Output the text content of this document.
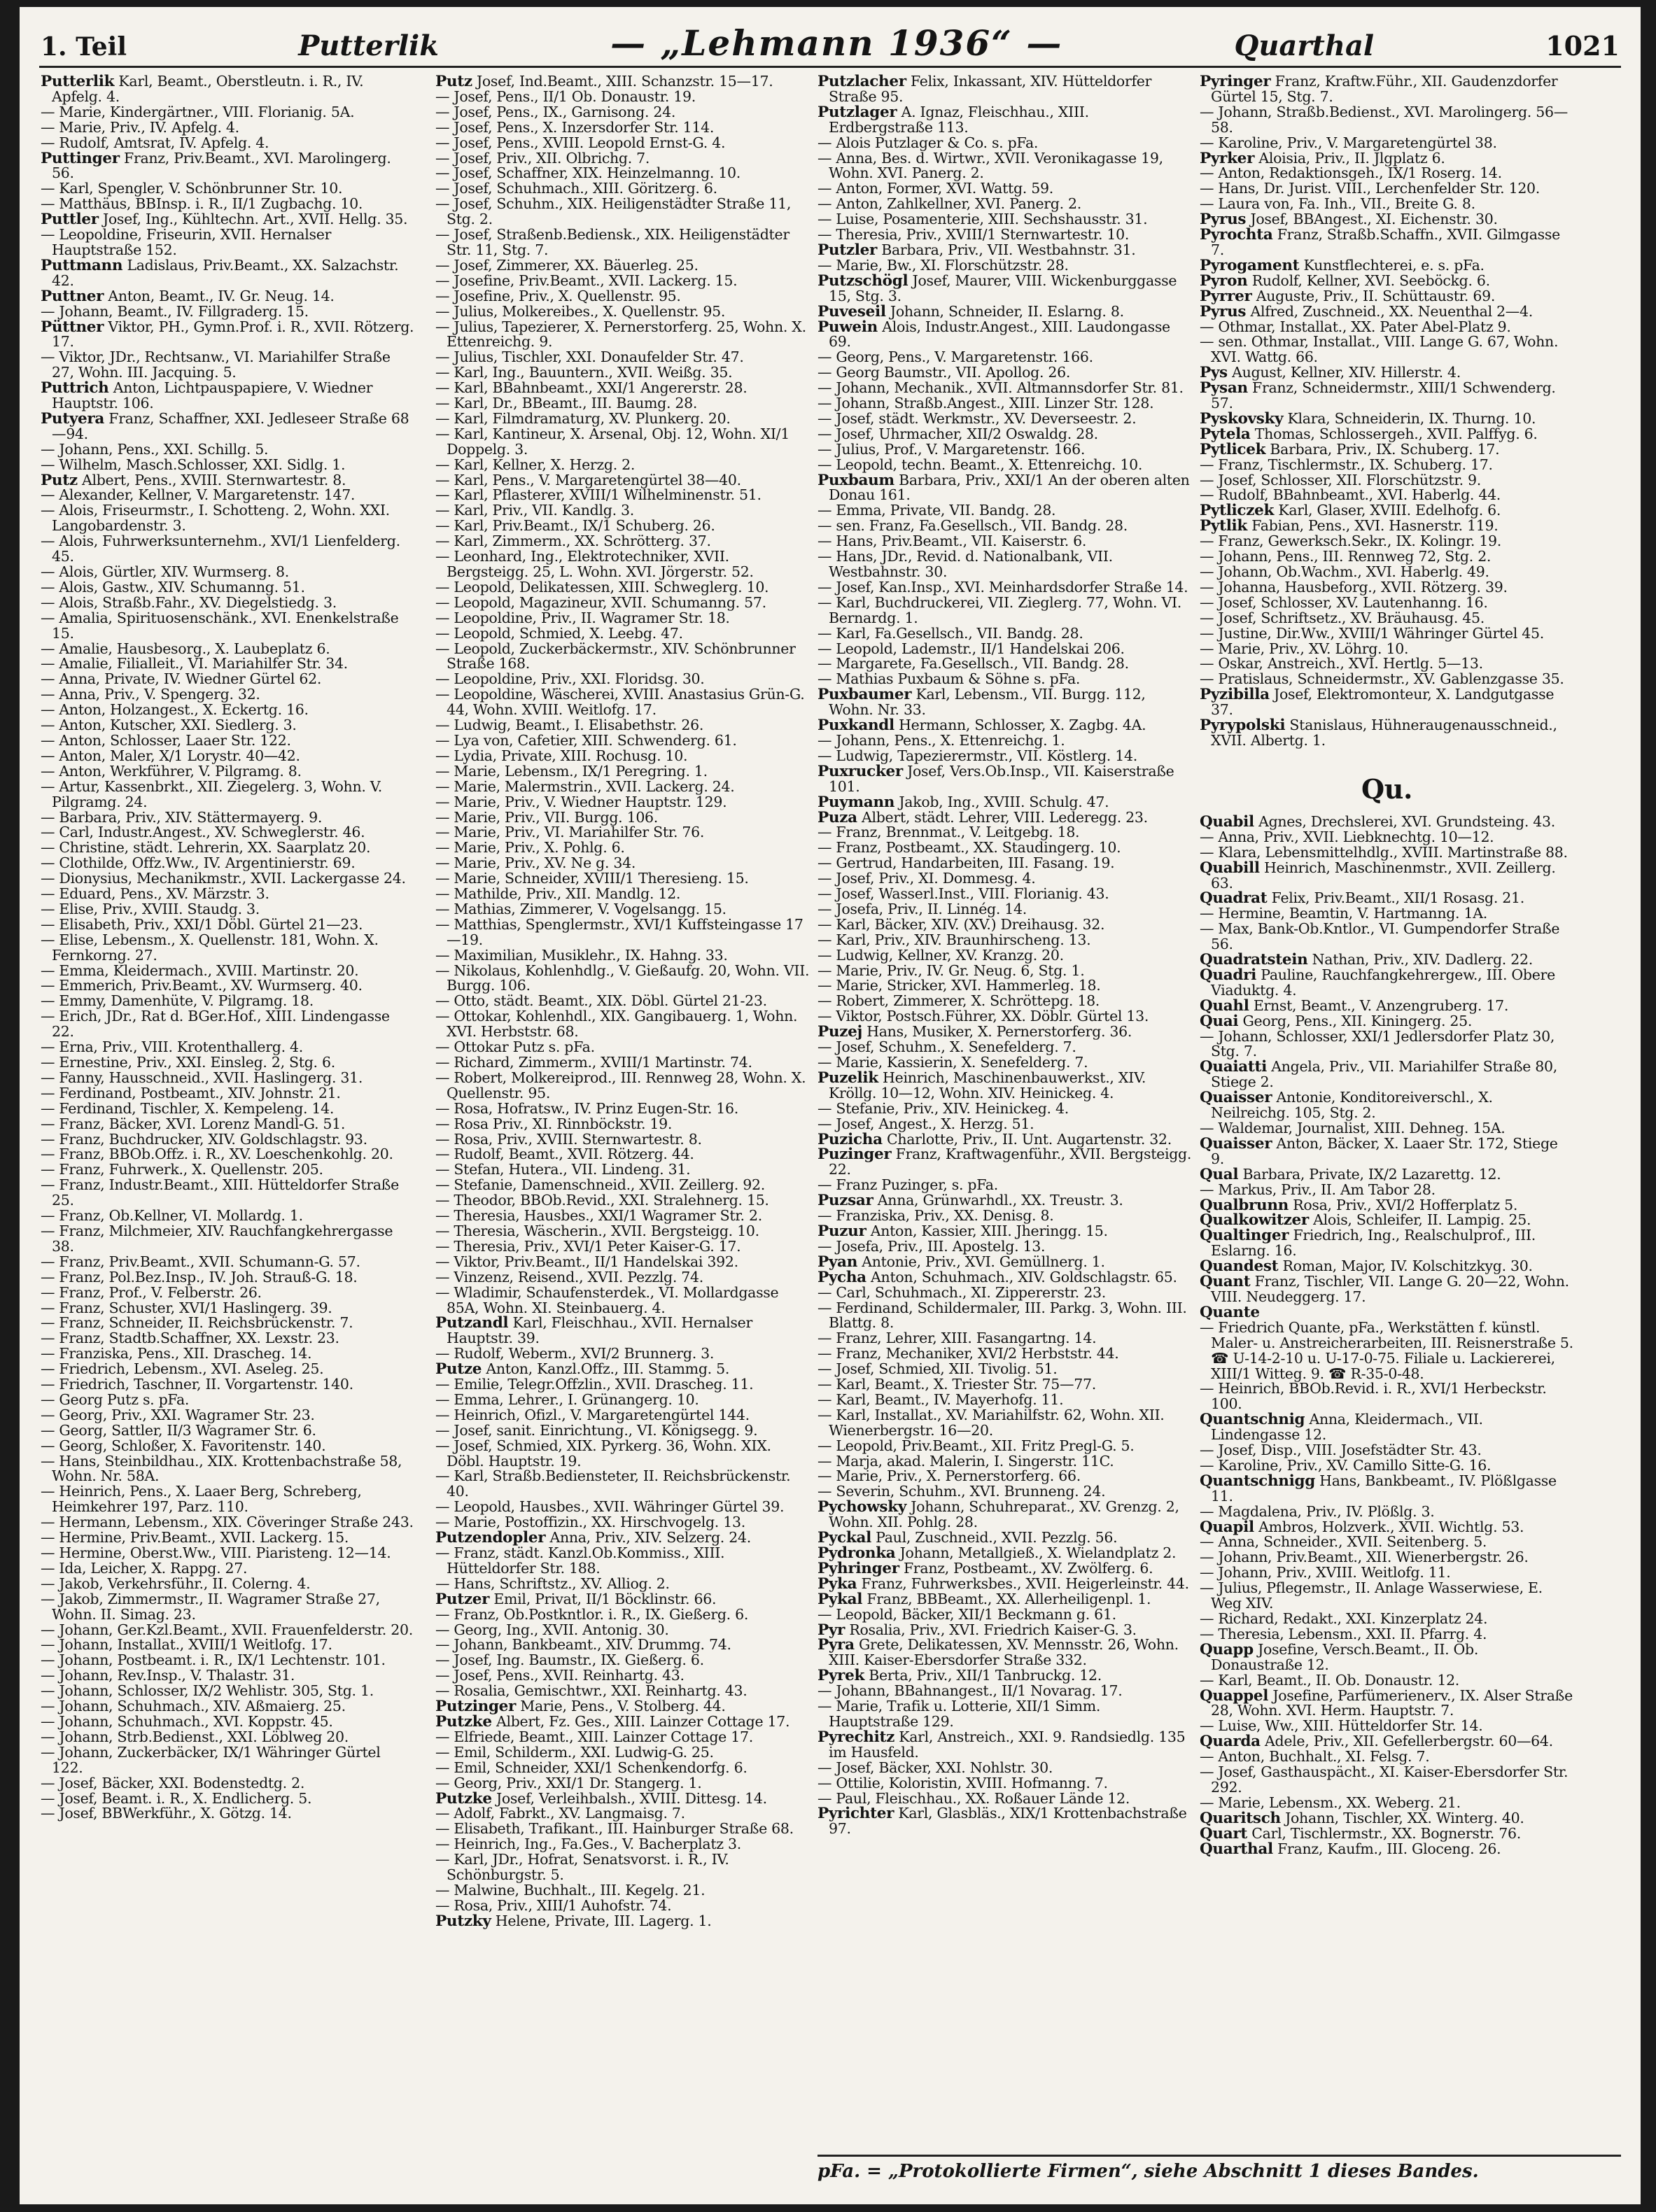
1. Teil	Putterlik	— „Lehmann 1936“ —	Quarthal	1021

Putterlik Karl, Beamt., Oberstleutn. i. R., IV. Apfelg. 4.

— Marie, Kindergärtner., VIII. Florianig. 5A.

— Marie, Priv., IV. Apfelg. 4.

— Rudolf, Amtsrat, IV. Apfelg. 4.

Puttinger Franz, Priv.Beamt., XVI. Marolingerg. 56.

— Karl, Spengler, V. Schönbrunner Str. 10.

— Matthäus, BBInsp. i. R., II/1 Zugbachg. 10.

Puttler Josef, Ing., Kühltechn. Art., XVII. Hellg. 35.

— Leopoldine, Friseurin, XVII. Hernalser Hauptstraße 152.

Puttmann Ladislaus, Priv.Beamt., XX. Salzachstr. 42.

Puttner Anton, Beamt., IV. Gr. Neug. 14.

— Johann, Beamt., IV. Fillgraderg. 15.

Püttner Viktor, PH., Gymn.Prof. i. R., XVII. Rötzerg. 17.

— Viktor, JDr., Rechtsanw., VI. Mariahilfer Straße 27, Wohn. III. Jacquing. 5.

Puttrich Anton, Lichtpauspapiere, V. Wiedner Hauptstr. 106.

Putyera Franz, Schaffner, XXI. Jedleseer Straße 68—94.

— Johann, Pens., XXI. Schillg. 5.

— Wilhelm, Masch.Schlosser, XXI. Sidlg. 1.

Putz Albert, Pens., XVIII. Sternwartestr. 8.

— Alexander, Kellner, V. Margaretenstr. 147.

— Alois, Friseurmstr., I. Schotteng. 2, Wohn. XXI. Langobardenstr. 3.

— Alois, Fuhrwerksunternehm., XVI/1 Lienfelderg. 45.

— Alois, Gürtler, XIV. Wurmserg. 8.

— Alois, Gastw., XIV. Schumanng. 51.

— Alois, Straßb.Fahr., XV. Diegelstiedg. 3.

— Amalia, Spirituosenschänk., XVI. Enenkelstraße 15.

— Amalie, Hausbesorg., X. Laubeplatz 6.

— Amalie, Filialleit., VI. Mariahilfer Str. 34.

— Anna, Private, IV. Wiedner Gürtel 62.

— Anna, Priv., V. Spengerg. 32.

— Anton, Holzangest., X. Eckertg. 16.

— Anton, Kutscher, XXI. Siedlerg. 3.

— Anton, Schlosser, Laaer Str. 122.

— Anton, Maler, X/1 Lorystr. 40—42.

— Anton, Werkführer, V. Pilgramg. 8.

— Artur, Kassenbrkt., XII. Ziegelerg. 3, Wohn. V. Pilgramg. 24.

— Barbara, Priv., XIV. Stättermayerg. 9.

— Carl, Industr.Angest., XV. Schweglerstr. 46.

— Christine, städt. Lehrerin, XX. Saarplatz 20.

— Clothilde, Offz.Ww., IV. Argentinierstr. 69.

— Dionysius, Mechanikmstr., XVII. Lackergasse 24.

— Eduard, Pens., XV. Märzstr. 3.

— Elise, Priv., XVIII. Staudg. 3.

— Elisabeth, Priv., XXI/1 Döbl. Gürtel 21—23.

— Elise, Lebensm., X. Quellenstr. 181, Wohn. X. Fernkorng. 27.

— Emma, Kleidermach., XVIII. Martinstr. 20.

— Emmerich, Priv.Beamt., XV. Wurmserg. 40.

— Emmy, Damenhüte, V. Pilgramg. 18.

— Erich, JDr., Rat d. BGer.Hof., XIII. Lindengasse 22.

— Erna, Priv., VIII. Krotenthallerg. 4.

— Ernestine, Priv., XXI. Einsleg. 2, Stg. 6.

— Fanny, Hausschneid., XVII. Haslingerg. 31.

— Ferdinand, Postbeamt., XIV. Johnstr. 21.

— Ferdinand, Tischler, X. Kempeleng. 14.

— Franz, Bäcker, XVI. Lorenz Mandl-G. 51.

— Franz, Buchdrucker, XIV. Goldschlagstr. 93.

— Franz, BBOb.Offz. i. R., XV. Loeschenkohlg. 20.

— Franz, Fuhrwerk., X. Quellenstr. 205.

— Franz, Industr.Beamt., XIII. Hütteldorfer Straße 25.

— Franz, Ob.Kellner, VI. Mollardg. 1.

— Franz, Milchmeier, XIV. Rauchfangkehrergasse 38.

— Franz, Priv.Beamt., XVII. Schumann-G. 57.

— Franz, Pol.Bez.Insp., IV. Joh. Strauß-G. 18.

— Franz, Prof., V. Felberstr. 26.

— Franz, Schuster, XVI/1 Haslingerg. 39.

— Franz, Schneider, II. Reichsbrückenstr. 7.

— Franz, Stadtb.Schaffner, XX. Lexstr. 23.

— Franziska, Pens., XII. Drascheg. 14.

— Friedrich, Lebensm., XVI. Aseleg. 25.

— Friedrich, Taschner, II. Vorgartenstr. 140.

— Georg Putz s. pFa.

— Georg, Priv., XXI. Wagramer Str. 23.

— Georg, Sattler, II/3 Wagramer Str. 6.

— Georg, Schloßer, X. Favoritenstr. 140.

— Hans, Steinbildhau., XIX. Krottenbachstraße 58, Wohn. Nr. 58A.

— Heinrich, Pens., X. Laaer Berg, Schreberg, Heimkehrer 197, Parz. 110.

— Hermann, Lebensm., XIX. Cöveringer Straße 243.

— Hermine, Priv.Beamt., XVII. Lackerg. 15.

— Hermine, Oberst.Ww., VIII. Piaristeng. 12—14.

— Ida, Leicher, X. Rappg. 27.

— Jakob, Verkehrsführ., II. Colerng. 4.

— Jakob, Zimmermstr., II. Wagramer Straße 27, Wohn. II. Simag. 23.

— Johann, Ger.Kzl.Beamt., XVII. Frauenfelderstr. 20.

— Johann, Installat., XVIII/1 Weitlofg. 17.

— Johann, Postbeamt. i. R., IX/1 Lechtenstr. 101.

— Johann, Rev.Insp., V. Thalastr. 31.

— Johann, Schlosser, IX/2 Wehlistr. 305, Stg. 1.

— Johann, Schuhmach., XIV. Aßmaierg. 25.

— Johann, Schuhmach., XVI. Koppstr. 45.

— Johann, Strb.Bedienst., XXI. Löblweg 20.

— Johann, Zuckerbäcker, IX/1 Währinger Gürtel 122.

— Josef, Bäcker, XXI. Bodenstedtg. 2.

— Josef, Beamt. i. R., X. Endlicherg. 5.

— Josef, BBWerkführ., X. Götzg. 14.

Putz Josef, Ind.Beamt., XIII. Schanzstr. 15—17.

— Josef, Pens., II/1 Ob. Donaustr. 19.

— Josef, Pens., IX., Garnisong. 24.

— Josef, Pens., X. Inzersdorfer Str. 114.

— Josef, Pens., XVIII. Leopold Ernst-G. 4.

— Josef, Priv., XII. Olbrichg. 7.

— Josef, Schaffner, XIX. Heinzelmanng. 10.

— Josef, Schuhmach., XIII. Göritzerg. 6.

— Josef, Schuhm., XIX. Heiligenstädter Straße 11, Stg. 2.

— Josef, Straßenb.Bediensk., XIX. Heiligenstädter Str. 11, Stg. 7.

— Josef, Zimmerer, XX. Bäuerleg. 25.

— Josefine, Priv.Beamt., XVII. Lackerg. 15.

— Josefine, Priv., X. Quellenstr. 95.

— Julius, Molkereibes., X. Quellenstr. 95.

— Julius, Tapezierer, X. Pernerstorferg. 25, Wohn. X. Ettenreichg. 9.

— Julius, Tischler, XXI. Donaufelder Str. 47.

— Karl, Ing., Bauuntern., XVII. Weißg. 35.

— Karl, BBahnbeamt., XXI/1 Angererstr. 28.

— Karl, Dr., BBeamt., III. Baumg. 28.

— Karl, Filmdramaturg, XV. Plunkerg. 20.

— Karl, Kantineur, X. Arsenal, Obj. 12, Wohn. XI/1 Doppelg. 3.

— Karl, Kellner, X. Herzg. 2.

— Karl, Pens., V. Margaretengürtel 38—40.

— Karl, Pflasterer, XVIII/1 Wilhelminenstr. 51.

— Karl, Priv., VII. Kandlg. 3.

— Karl, Priv.Beamt., IX/1 Schuberg. 26.

— Karl, Zimmerm., XX. Schrötterg. 37.

— Leonhard, Ing., Elektrotechniker, XVII. Bergsteigg. 25, L. Wohn. XVI. Jörgerstr. 52.

— Leopold, Delikatessen, XIII. Schweglerg. 10.

— Leopold, Magazineur, XVII. Schumanng. 57.

— Leopoldine, Priv., II. Wagramer Str. 18.

— Leopold, Schmied, X. Leebg. 47.

— Leopold, Zuckerbäckermstr., XIV. Schönbrunner Straße 168.

— Leopoldine, Priv., XXI. Floridsg. 30.

— Leopoldine, Wäscherei, XVIII. Anastasius Grün-G. 44, Wohn. XVIII. Weitlofg. 17.

— Ludwig, Beamt., I. Elisabethstr. 26.

— Lya von, Cafetier, XIII. Schwenderg. 61.

— Lydia, Private, XIII. Rochusg. 10.

— Marie, Lebensm., IX/1 Peregring. 1.

— Marie, Malermstrin., XVII. Lackerg. 24.

— Marie, Priv., V. Wiedner Hauptstr. 129.

— Marie, Priv., VII. Burgg. 106.

— Marie, Priv., VI. Mariahilfer Str. 76.

— Marie, Priv., X. Pohlg. 6.

— Marie, Priv., XV. Ne g. 34.

— Marie, Schneider, XVIII/1 Theresieng. 15.

— Mathilde, Priv., XII. Mandlg. 12.

— Mathias, Zimmerer, V. Vogelsangg. 15.

— Matthias, Spenglermstr., XVI/1 Kuffsteingasse 17—19.

— Maximilian, Musiklehr., IX. Hahng. 33.

— Nikolaus, Kohlenhdlg., V. Gießaufg. 20, Wohn. VII. Burgg. 106.

— Otto, städt. Beamt., XIX. Döbl. Gürtel 21-23.

— Ottokar, Kohlenhdl., XIX. Gangibauerg. 1, Wohn. XVI. Herbststr. 68.

— Ottokar Putz s. pFa.

— Richard, Zimmerm., XVIII/1 Martinstr. 74.

— Robert, Molkereiprod., III. Rennweg 28, Wohn. X. Quellenstr. 95.

— Rosa, Hofratsw., IV. Prinz Eugen-Str. 16.

— Rosa Priv., XI. Rinnböckstr. 19.

— Rosa, Priv., XVIII. Sternwartestr. 8.

— Rudolf, Beamt., XVII. Rötzerg. 44.

— Stefan, Hutera., VII. Lindeng. 31.

— Stefanie, Damenschneid., XVII. Zeillerg. 92.

— Theodor, BBOb.Revid., XXI. Stralehnerg. 15.

— Theresia, Hausbes., XXI/1 Wagramer Str. 2.

— Theresia, Wäscherin., XVII. Bergsteigg. 10.

— Theresia, Priv., XVI/1 Peter Kaiser-G. 17.

— Viktor, Priv.Beamt., II/1 Handelskai 392.

— Vinzenz, Reisend., XVII. Pezzlg. 74.

— Wladimir, Schaufensterdek., VI. Mollardgasse 85A, Wohn. XI. Steinbauerg. 4.

Putzandl Karl, Fleischhau., XVII. Hernalser Hauptstr. 39.

— Rudolf, Weberm., XVI/2 Brunnerg. 3.

Putze Anton, Kanzl.Offz., III. Stammg. 5.

— Emilie, Telegr.Offzlin., XVII. Drascheg. 11.

— Emma, Lehrer., I. Grünangerg. 10.

— Heinrich, Ofizl., V. Margaretengürtel 144.

— Josef, sanit. Einrichtung., VI. Königsegg. 9.

— Josef, Schmied, XIX. Pyrkerg. 36, Wohn. XIX. Döbl. Hauptstr. 19.

— Karl, Straßb.Bediensteter, II. Reichsbrückenstr. 40.

— Leopold, Hausbes., XVII. Währinger Gürtel 39.

— Marie, Postoffizin., XX. Hirschvogelg. 13.

Putzendopler Anna, Priv., XIV. Selzerg. 24.

— Franz, städt. Kanzl.Ob.Kommiss., XIII. Hütteldorfer Str. 188.

— Hans, Schriftstz., XV. Alliog. 2.

Putzer Emil, Privat, II/1 Böcklinstr. 66.

— Franz, Ob.Postkntlor. i. R., IX. Gießerg. 6.

— Georg, Ing., XVII. Antonig. 30.

— Johann, Bankbeamt., XIV. Drummg. 74.

— Josef, Ing. Baumstr., IX. Gießerg. 6.

— Josef, Pens., XVII. Reinhartg. 43.

— Rosalia, Gemischtwr., XXI. Reinhartg. 43.

Putzinger Marie, Pens., V. Stolberg. 44.

Putzke Albert, Fz. Ges., XIII. Lainzer Cottage 17.

— Elfriede, Beamt., XIII. Lainzer Cottage 17.

— Emil, Schilderm., XXI. Ludwig-G. 25.

— Emil, Schneider, XXI/1 Schenkendorfg. 6.

— Georg, Priv., XXI/1 Dr. Stangerg. 1.

Putzke Josef, Verleihbalsh., XVIII. Dittesg. 14.

— Adolf, Fabrkt., XV. Langmaisg. 7.

— Elisabeth, Trafikant., III. Hainburger Straße 68.

— Heinrich, Ing., Fa.Ges., V. Bacherplatz 3.

— Karl, JDr., Hofrat, Senatsvorst. i. R., IV. Schönburgstr. 5.

— Malwine, Buchhalt., III. Kegelg. 21.

— Rosa, Priv., XIII/1 Auhofstr. 74.

Putzky Helene, Private, III. Lagerg. 1.

Putzlacher Felix, Inkassant, XIV. Hütteldorfer Straße 95.

Putzlager A. Ignaz, Fleischhau., XIII. Erdbergstraße 113.

— Alois Putzlager & Co. s. pFa.

— Anna, Bes. d. Wirtwr., XVII. Veronikagasse 19, Wohn. XVI. Panerg. 2.

— Anton, Former, XVI. Wattg. 59.

— Anton, Zahlkellner, XVI. Panerg. 2.

— Luise, Posamenterie, XIII. Sechshausstr. 31.

— Theresia, Priv., XVIII/1 Sternwartestr. 10.

Putzler Barbara, Priv., VII. Westbahnstr. 31.

— Marie, Bw., XI. Florschützstr. 28.

Putzschögl Josef, Maurer, VIII. Wickenburggasse 15, Stg. 3.

Puveseil Johann, Schneider, II. Eslarng. 8.

Puwein Alois, Industr.Angest., XIII. Laudongasse 69.

— Georg, Pens., V. Margaretenstr. 166.

— Georg Baumstr., VII. Apollog. 26.

— Johann, Mechanik., XVII. Altmannsdorfer Str. 81.

— Johann, Straßb.Angest., XIII. Linzer Str. 128.

— Josef, städt. Werkmstr., XV. Deverseestr. 2.

— Josef, Uhrmacher, XII/2 Oswaldg. 28.

— Julius, Prof., V. Margaretenstr. 166.

— Leopold, techn. Beamt., X. Ettenreichg. 10.

Puxbaum Barbara, Priv., XXI/1 An der oberen alten Donau 161.

— Emma, Private, VII. Bandg. 28.

— sen. Franz, Fa.Gesellsch., VII. Bandg. 28.

— Hans, Priv.Beamt., VII. Kaiserstr. 6.

— Hans, JDr., Revid. d. Nationalbank, VII. Westbahnstr. 30.

— Josef, Kan.Insp., XVI. Meinhardsdorfer Straße 14.

— Karl, Buchdruckerei, VII. Zieglerg. 77, Wohn. VI. Bernardg. 1.

— Karl, Fa.Gesellsch., VII. Bandg. 28.

— Leopold, Lademstr., II/1 Handelskai 206.

— Margarete, Fa.Gesellsch., VII. Bandg. 28.

— Mathias Puxbaum & Söhne s. pFa.

Puxbaumer Karl, Lebensm., VII. Burgg. 112, Wohn. Nr. 33.

Puxkandl Hermann, Schlosser, X. Zagbg. 4A.

— Johann, Pens., X. Ettenreichg. 1.

— Ludwig, Tapezierermstr., VII. Köstlerg. 14.

Puxrucker Josef, Vers.Ob.Insp., VII. Kaiserstraße 101.

Puymann Jakob, Ing., XVIII. Schulg. 47.

Puza Albert, städt. Lehrer, VIII. Lederegg. 23.

— Franz, Brennmat., V. Leitgebg. 18.

— Franz, Postbeamt., XX. Staudingerg. 10.

— Gertrud, Handarbeiten, III. Fasang. 19.

— Josef, Priv., XI. Dommesg. 4.

— Josef, Wasserl.Inst., VIII. Florianig. 43.

— Josefa, Priv., II. Linnég. 14.

— Karl, Bäcker, XIV. (XV.) Dreihausg. 32.

— Karl, Priv., XIV. Braunhirscheng. 13.

— Ludwig, Kellner, XV. Kranzg. 20.

— Marie, Priv., IV. Gr. Neug. 6, Stg. 1.

— Marie, Stricker, XVI. Hammerleg. 18.

— Robert, Zimmerer, X. Schröttерg. 18.

— Viktor, Postsch.Führer, XX. Döblr. Gürtel 13.

Puzej Hans, Musiker, X. Pernerstorferg. 36.

— Josef, Schuhm., X. Senefelderg. 7.

— Marie, Kassierin, X. Senefelderg. 7.

Puzelik Heinrich, Maschinenbauwerkst., XIV. Kröllg. 10—12, Wohn. XIV. Heinickeg. 4.

— Stefanie, Priv., XIV. Heinickeg. 4.

— Josef, Angest., X. Herzg. 51.

Puzicha Charlotte, Priv., II. Unt. Augartenstr. 32.

Puzinger Franz, Kraftwagenführ., XVII. Bergsteigg. 22.

— Franz Puzinger, s. pFa.

Puzsar Anna, Grünwarhdl., XX. Treustr. 3.

— Franziska, Priv., XX. Denisg. 8.

Puzur Anton, Kassier, XIII. Jheringg. 15.

— Josefa, Priv., III. Apostelg. 13.

Pyan Antonie, Priv., XVI. Gemüllnerg. 1.

Pycha Anton, Schuhmach., XIV. Goldschlagstr. 65.

— Carl, Schuhmach., XI. Zippererstr. 23.

— Ferdinand, Schildermaler, III. Parkg. 3, Wohn. III. Blattg. 8.

— Franz, Lehrer, XIII. Fasangartng. 14.

— Franz, Mechaniker, XVI/2 Herbststr. 44.

— Josef, Schmied, XII. Tivolig. 51.

— Karl, Beamt., X. Triester Str. 75—77.

— Karl, Beamt., IV. Mayerhofg. 11.

— Karl, Installat., XV. Mariahilfstr. 62, Wohn. XII. Wienerbergstr. 16—20.

— Leopold, Priv.Beamt., XII. Fritz Pregl-G. 5.

— Marja, akad. Malerin, I. Singerstr. 11C.

— Marie, Priv., X. Pernerstorferg. 66.

— Severin, Schuhm., XVI. Brunneng. 24.

Pychowsky Johann, Schuhreparat., XV. Grenzg. 2, Wohn. XII. Pohlg. 28.

Pyckal Paul, Zuschneid., XVII. Pezzlg. 56.

Pydronka Johann, Metallgieß., X. Wielandplatz 2.

Pyhringer Franz, Postbeamt., XV. Zwölferg. 6.

Pyka Franz, Fuhrwerksbes., XVII. Heigerleinstr. 44.

Pykal Franz, BBBeamt., XX. Allerheiligenpl. 1.

— Leopold, Bäcker, XII/1 Beckmann g. 61.

Pyr Rosalia, Priv., XVI. Friedrich Kaiser-G. 3.

Pyra Grete, Delikatessen, XV. Mennsstr. 26, Wohn. XIII. Kaiser-Ebersdorfer Straße 332.

Pyrek Berta, Priv., XII/1 Tanbruckg. 12.

— Johann, BBahnangest., II/1 Novarag. 17.

— Marie, Trafik u. Lotterie, XII/1 Simm. Hauptstraße 129.

Pyrechitz Karl, Anstreich., XXI. 9. Randsiedlg. 135 im Hausfeld.

— Josef, Bäcker, XXI. Nohlstr. 30.

— Ottilie, Koloristin, XVIII. Hofmanng. 7.

— Paul, Fleischhau., XX. Roßauer Lände 12.

Pyrichter Karl, Glasbläs., XIX/1 Krottenbachstraße 97.

Pyringer Franz, Kraftw.Führ., XII. Gaudenzdorfer Gürtel 15, Stg. 7.

— Johann, Straßb.Bedienst., XVI. Marolingerg. 56—58.

— Karoline, Priv., V. Margaretengürtel 38.

Pyrker Aloisia, Priv., II. Jlgplatz 6.

— Anton, Redaktionsgeh., IX/1 Roserg. 14.

— Hans, Dr. Jurist. VIII., Lerchenfelder Str. 120.

— Laura von, Fa. Inh., VII., Breite G. 8.

Pyrus Josef, BBAngest., XI. Eichenstr. 30.

Pyrochta Franz, Straßb.Schaffn., XVII. Gilmgasse 7.

Pyrogament Kunstflechterei, e. s. pFa.

Pyron Rudolf, Kellner, XVI. Seeböckg. 6.

Pyrrer Auguste, Priv., II. Schüttaustr. 69.

Pyrus Alfred, Zuschneid., XX. Neuenthal 2—4.

— Othmar, Installat., XX. Pater Abel-Platz 9.

— sen. Othmar, Installat., VIII. Lange G. 67, Wohn. XVI. Wattg. 66.

Pys August, Kellner, XIV. Hillerstr. 4.

Pysan Franz, Schneidermstr., XIII/1 Schwenderg. 57.

Pyskovsky Klara, Schneiderin, IX. Thurng. 10.

Pytela Thomas, Schlossergeh., XVII. Palffyg. 6.

Pytlicek Barbara, Priv., IX. Schuberg. 17.

— Franz, Tischlermstr., IX. Schuberg. 17.

— Josef, Schlosser, XII. Florschützstr. 9.

— Rudolf, BBahnbeamt., XVI. Haberlg. 44.

Pytliczek Karl, Glaser, XVIII. Edelhofg. 6.

Pytlik Fabian, Pens., XVI. Hasnerstr. 119.

— Franz, Gewerksch.Sekr., IX. Kolingr. 19.

— Johann, Pens., III. Rennweg 72, Stg. 2.

— Johann, Ob.Wachm., XVI. Haberlg. 49.

— Johanna, Hausbeforg., XVII. Rötzerg. 39.

— Josef, Schlosser, XV. Lautenhanng. 16.

— Josef, Schriftsetz., XV. Bräuhausg. 45.

— Justine, Dir.Ww., XVIII/1 Währinger Gürtel 45.

— Marie, Priv., XV. Löhrg. 10.

— Oskar, Anstreich., XVI. Hertlg. 5—13.

— Pratislaus, Schneidermstr., XV. Gablenzgasse 35.

Pyzibilla Josef, Elektromonteur, X. Landgutgasse 37.

Pyrypolski Stanislaus, Hühneraugenausschneid., XVII. Albertg. 1.

Qu.

Quabil Agnes, Drechslerei, XVI. Grundsteing. 43.

— Anna, Priv., XVII. Liebknechtg. 10—12.

— Klara, Lebensmittelhdlg., XVIII. Martinstraße 88.

Quabill Heinrich, Maschinenmstr., XVII. Zeillerg. 63.

Quadrat Felix, Priv.Beamt., XII/1 Rosasg. 21.

— Hermine, Beamtin, V. Hartmanng. 1A.

— Max, Bank-Ob.Kntlor., VI. Gumpendorfer Straße 56.

Quadratstein Nathan, Priv., XIV. Dadlerg. 22.

Quadri Pauline, Rauchfangkehrergew., III. Obere Viaduktg. 4.

Quahl Ernst, Beamt., V. Anzengruberg. 17.

Quai Georg, Pens., XII. Kiningerg. 25.

— Johann, Schlosser, XXI/1 Jedlersdorfer Platz 30, Stg. 7.

Quaiatti Angela, Priv., VII. Mariahilfer Straße 80, Stiege 2.

Quaisser Antonie, Konditoreiverschl., X. Neilreichg. 105, Stg. 2.

— Waldemar, Journalist, XIII. Dehneg. 15A.

Quaisser Anton, Bäcker, X. Laaer Str. 172, Stiege 9.

Qual Barbara, Private, IX/2 Lazarettg. 12.

— Markus, Priv., II. Am Tabor 28.

Qualbrunn Rosa, Priv., XVI/2 Hofferplatz 5.

Qualkowitzer Alois, Schleifer, II. Lampig. 25.

Qualtinger Friedrich, Ing., Realschulprof., III. Eslarng. 16.

Quandest Roman, Major, IV. Kolschitzkyg. 30.

Quant Franz, Tischler, VII. Lange G. 20—22, Wohn. VIII. Neudeggerg. 17.

Quante

— Friedrich Quante, pFa., Werkstätten f. künstl. Maler- u. Anstreicherarbeiten, III. Reisnerstraße 5. ☎ U-14-2-10 u. U-17-0-75. Filiale u. Lackiererei, XIII/1 Witteg. 9. ☎ R-35-0-48.

— Heinrich, BBOb.Revid. i. R., XVI/1 Herbeckstr. 100.

Quantschnig Anna, Kleidermach., VII. Lindengasse 12.

— Josef, Disp., VIII. Josefstädter Str. 43.

— Karoline, Priv., XV. Camillo Sitte-G. 16.

Quantschnigg Hans, Bankbeamt., IV. Plößlgasse 11.

— Magdalena, Priv., IV. Plößlg. 3.

Quapil Ambros, Holzverk., XVII. Wichtlg. 53.

— Anna, Schneider., XVII. Seitenberg. 5.

— Johann, Priv.Beamt., XII. Wienerbergstr. 26.

— Johann, Priv., XVIII. Weitlofg. 11.

— Julius, Pflegemstr., II. Anlage Wasserwiese, E. Weg XIV.

— Richard, Redakt., XXI. Kinzerplatz 24.

— Theresia, Lebensm., XXI. II. Pfarrg. 4.

Quapp Josefine, Versch.Beamt., II. Ob. Donaustraße 12.

— Karl, Beamt., II. Ob. Donaustr. 12.

Quappel Josefine, Parfümerienerv., IX. Alser Straße 28, Wohn. XVI. Herm. Hauptstr. 7.

— Luise, Ww., XIII. Hütteldorfer Str. 14.

Quarda Adele, Priv., XII. Gefellerbergstr. 60—64.

— Anton, Buchhalt., XI. Felsg. 7.

— Josef, Gasthauspächt., XI. Kaiser-Ebersdorfer Str. 292.

— Marie, Lebensm., XX. Weberg. 21.

Quaritsch Johann, Tischler, XX. Winterg. 40.

Quart Carl, Tischlermstr., XX. Bognerstr. 76.

Quarthal Franz, Kaufm., III. Gloceng. 26.

pFa. = „Protokollierte Firmen“, siehe Abschnitt 1 dieses Bandes.
